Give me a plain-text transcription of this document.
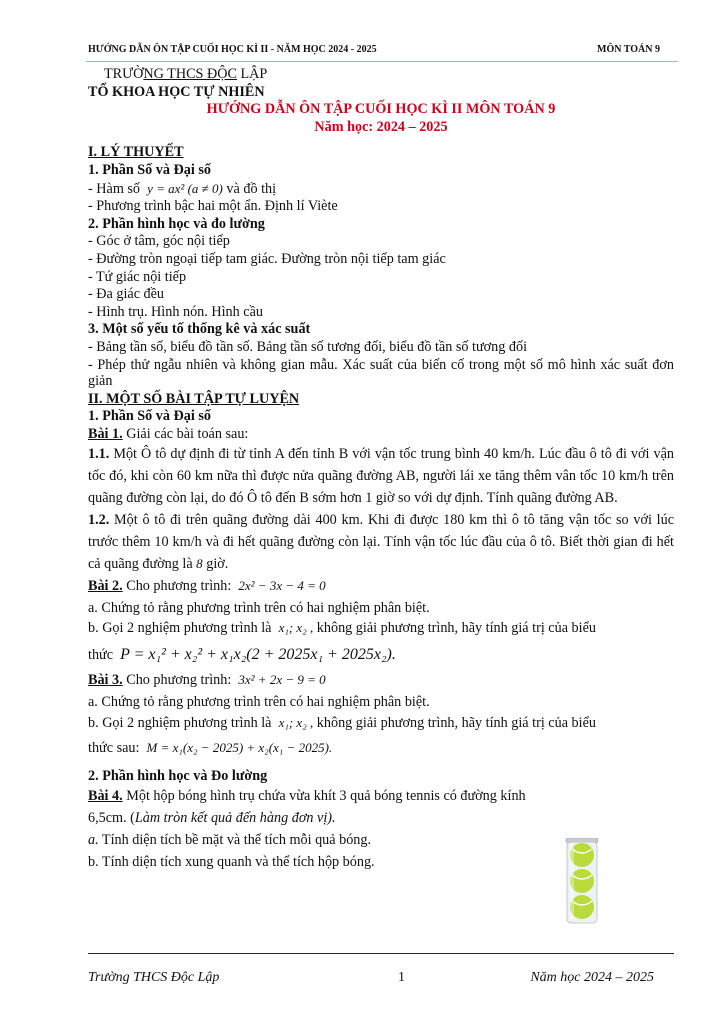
HƯỚNG DẪN ÔN TẬP CUỐI HỌC KÌ II - NĂM HỌC 2024 - 2025	MÔN TOÁN 9
TRƯỜNG THCS ĐỘC LẬP
TỔ KHOA HỌC TỰ NHIÊN
HƯỚNG DẪN ÔN TẬP CUỐI HỌC KÌ II MÔN TOÁN 9
Năm học: 2024 – 2025
I. LÝ THUYẾT
1. Phần Số và Đại số
- Hàm số y = ax² (a ≠ 0) và đồ thị
- Phương trình bậc hai một ẩn. Định lí Viète
2. Phần hình học và đo lường
- Góc ở tâm, góc nội tiếp
- Đường tròn ngoại tiếp tam giác. Đường tròn nội tiếp tam giác
- Tứ giác nội tiếp
- Đa giác đều
- Hình trụ. Hình nón. Hình cầu
3. Một số yếu tố thống kê và xác suất
- Bảng tần số, biểu đồ tần số. Bảng tần số tương đối, biểu đồ tần số tương đối
- Phép thử ngẫu nhiên và không gian mẫu. Xác suất của biến cố trong một số mô hình xác suất đơn giản
II. MỘT SỐ BÀI TẬP TỰ LUYỆN
1. Phần Số và Đại số
Bài 1. Giải các bài toán sau:
1.1. Một Ô tô dự định đi từ tỉnh A đến tỉnh B với vận tốc trung bình 40 km/h. Lúc đầu ô tô đi với vận tốc đó, khi còn 60 km nữa thì được nửa quãng đường AB, người lái xe tăng thêm vân tốc 10 km/h trên quãng đường còn lại, do đó Ô tô đến B sớm hơn 1 giờ so với dự định. Tính quãng đường AB.
1.2. Một ô tô đi trên quãng đường dài 400 km. Khi đi được 180 km thì ô tô tăng vận tốc so với lúc trước thêm 10 km/h và đi hết quãng đường còn lại. Tính vận tốc lúc đầu của ô tô. Biết thời gian đi hết cả quãng đường là 8 giờ.
Bài 2. Cho phương trình: 2x² − 3x − 4 = 0
a. Chứng tỏ rằng phương trình trên có hai nghiệm phân biệt.
b. Gọi 2 nghiệm phương trình là x₁; x₂ , không giải phương trình, hãy tính giá trị của biểu
thức P = x₁² + x₂² + x₁x₂(2 + 2025x₁ + 2025x₂).
Bài 3. Cho phương trình: 3x² + 2x − 9 = 0
a. Chứng tỏ rằng phương trình trên có hai nghiệm phân biệt.
b. Gọi 2 nghiệm phương trình là x₁; x₂ , không giải phương trình, hãy tính giá trị của biểu
thức sau: M = x₁(x₂ − 2025) + x₂(x₁ − 2025).
2. Phần hình học và Đo lường
Bài 4. Một hộp bóng hình trụ chứa vừa khít 3 quả bóng tennis có đường kính 6,5cm. (Làm tròn kết quả đến hàng đơn vị).
a. Tính diện tích bề mặt và thể tích mỗi quả bóng.
b. Tính diện tích xung quanh và thể tích hộp bóng.
Trường THCS Độc Lập	1	Năm học 2024 – 2025
